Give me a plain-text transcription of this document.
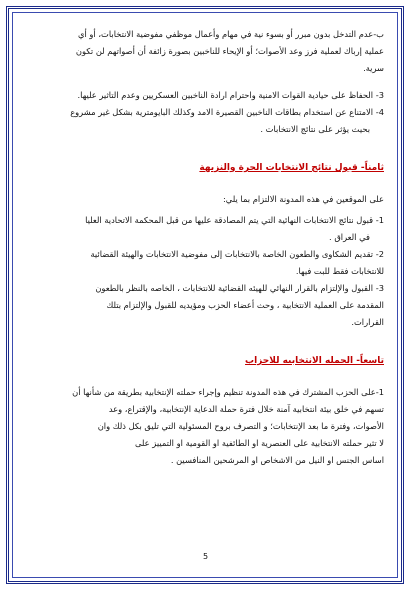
ب-عدم التدخل بدون مبرر أو بسوء نية في مهام وأعمال موظفي مفوضية الانتخابات، أو أي

عملية إرباك لعملية فرز وعد الأصوات؛ أو الإيحاء للناخبين بصورة زائفة أن أصواتهم لن تكون

سرية.

3- الحفاظ على حيادية القوات الامنية واحترام ارادة الناخبين العسكريين وعدم التاثير عليها.

4- الامتناع عن استخدام بطاقات الناخبين القصيرة الامد وكذلك البايومترية بشكل غير مشروع

بحيث يؤثر على نتائج الانتخابات .

ثامناً- قبول نتائج الانتخابات الحرة والنزيهة

على الموقعين في هذه المدونة الالتزام بما يلي:

1- قبول نتائج الانتخابات النهائية التي يتم المصادقة عليها من قبل المحكمة الاتحادية العليا

في العراق .

2- تقديم الشكاوى والطعون الخاصة بالانتخابات إلى مفوضية الانتخابات والهيئة القضائية

للانتخابات فقط للبت فيها.

3- القبول والإلتزام بالقرار النهائي للهيئه القضائية للانتخابات ، الخاصه بالنظر بالطعون

المقدمة على العملية الانتخابية ، وحث أعضاء الحزب ومؤيديه للقبول والإلتزام بتلك

القرارات.

تاسعاً- الحمله الانتخابيه للاحزاب

1-على الحزب المشترك في هذه المدونة تنظيم وإجراء حملته الإنتخابية بطريقة من شأنها أن

تسهم في خلق بيئة انتخابية آمنة خلال فترة حملة الدعاية الإنتخابية، والإقتراع، وعد

الأصوات، وفترة ما بعد الإنتخابات؛ و التصرف بروح المسئولية التي تليق بكل ذلك وان

لا تثير حملته الانتخابية على العنصرية او الطائفية او القومية او التمييز على

اساس الجنس او النيل من الاشخاص او المرشحين المنافسين .

5
